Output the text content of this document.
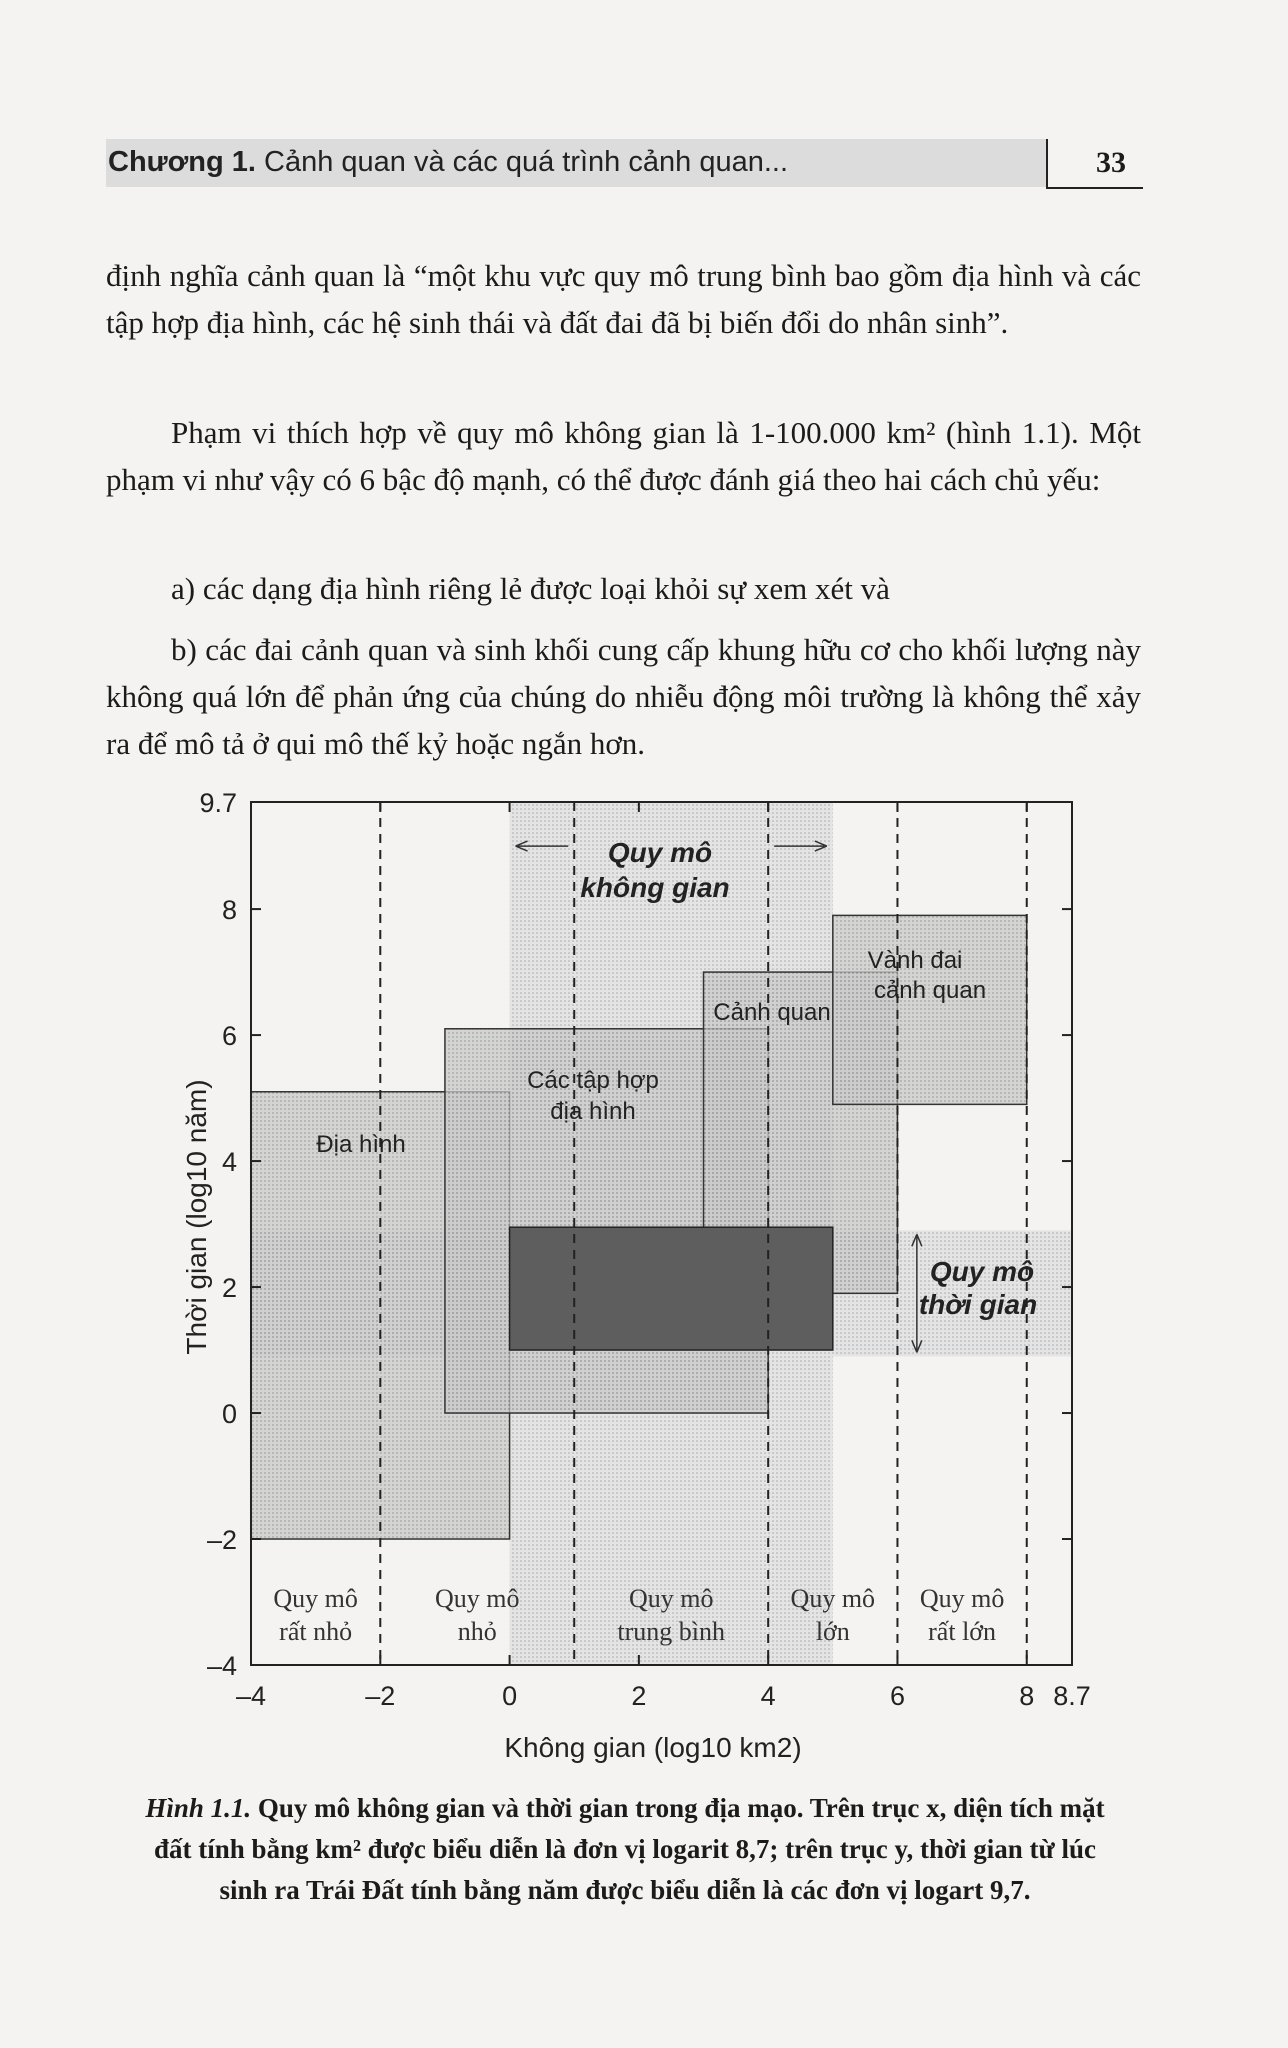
Chương 1. Cảnh quan và các quá trình cảnh quan...	33
định nghĩa cảnh quan là “một khu vực quy mô trung bình bao gồm địa hình và các tập hợp địa hình, các hệ sinh thái và đất đai đã bị biến đổi do nhân sinh”.
Phạm vi thích hợp về quy mô không gian là 1-100.000 km² (hình 1.1). Một phạm vi như vậy có 6 bậc độ mạnh, có thể được đánh giá theo hai cách chủ yếu:
a) các dạng địa hình riêng lẻ được loại khỏi sự xem xét và
b) các đai cảnh quan và sinh khối cung cấp khung hữu cơ cho khối lượng này không quá lớn để phản ứng của chúng do nhiễu động môi trường là không thể xảy ra để mô tả ở qui mô thế kỷ hoặc ngắn hơn.
9.7
8
6
4
2
0
–2
–4
–4	–2	0	2	4	6	8 8.7
Địa hình
Các tập hợp
địa hình
Cảnh quan
Vành đai
cảnh quan
Quy mô
không gian
Quy mô
thời gian
Quy mô
rất nhỏ
Quy mô
nhỏ
Quy mô
trung bình
Quy mô
lớn
Quy mô
rất lớn
Không gian (log10 km2)
Thời gian (log10 năm)
Hình 1.1. Quy mô không gian và thời gian trong địa mạo. Trên trục x, diện tích mặt đất tính bằng km² được biểu diễn là đơn vị logarit 8,7; trên trục y, thời gian từ lúc sinh ra Trái Đất tính bằng năm được biểu diễn là các đơn vị logart 9,7.
